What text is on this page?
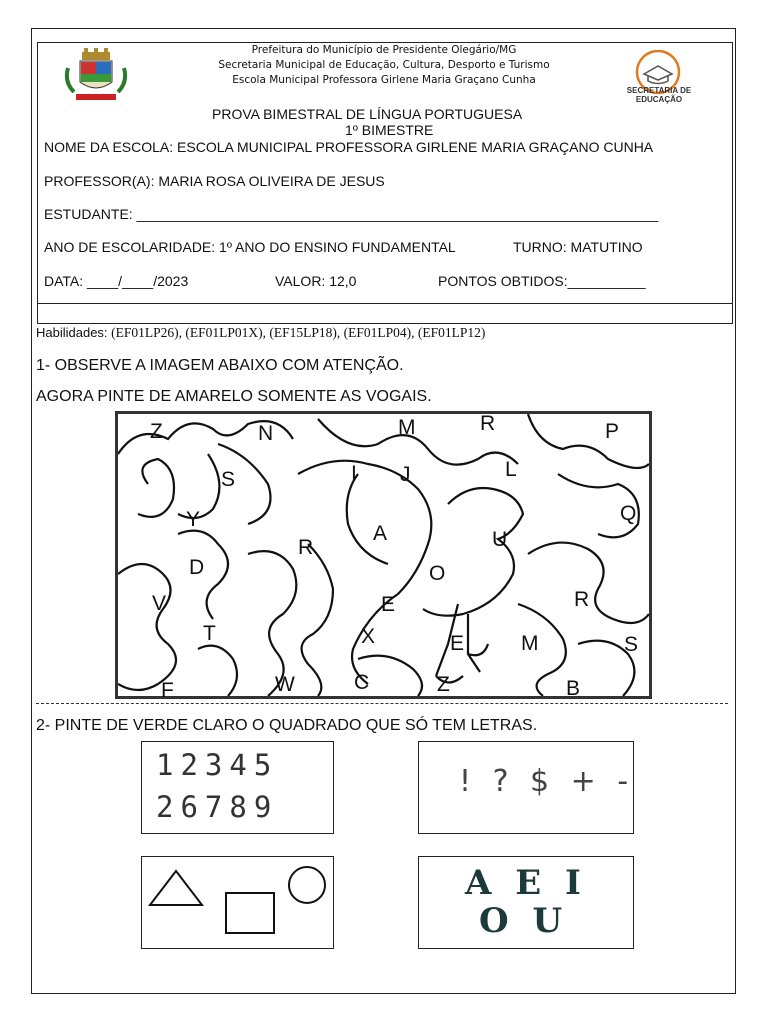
SECRETARIA DE EDUCAÇÃO
Prefeitura do Município de Presidente Olegário/MG
Secretaria Municipal de Educação, Cultura, Desporto e Turismo
Escola Municipal Professora Girlene Maria Graçano Cunha
PROVA BIMESTRAL DE LÍNGUA PORTUGUESA
1º BIMESTRE
NOME DA ESCOLA: ESCOLA MUNICIPAL PROFESSORA GIRLENE MARIA GRAÇANO CUNHA
PROFESSOR(A): MARIA ROSA OLIVEIRA DE JESUS
ESTUDANTE: ___________________________________________________________________
ANO DE ESCOLARIDADE: 1º ANO DO ENSINO FUNDAMENTAL	TURNO: MATUTINO
DATA: ____/____/2023	VALOR: 12,0	PONTOS OBTIDOS:__________
Habilidades: (EF01LP26), (EF01LP01X), (EF15LP18), (EF01LP04), (EF01LP12)
1- OBSERVE A IMAGEM ABAIXO COM ATENÇÃO.
AGORA PINTE DE AMARELO SOMENTE AS VOGAIS.
Z	N	M	R	P
S	I J	L
Y	Q
A	U
R
D	O
V	E	R
T	X	E	M	S
F	W	C	Z	B
2- PINTE DE VERDE CLARO O QUADRADO QUE SÓ TEM LETRAS.
12345
26789
! ? $ + -
A E I
O U
